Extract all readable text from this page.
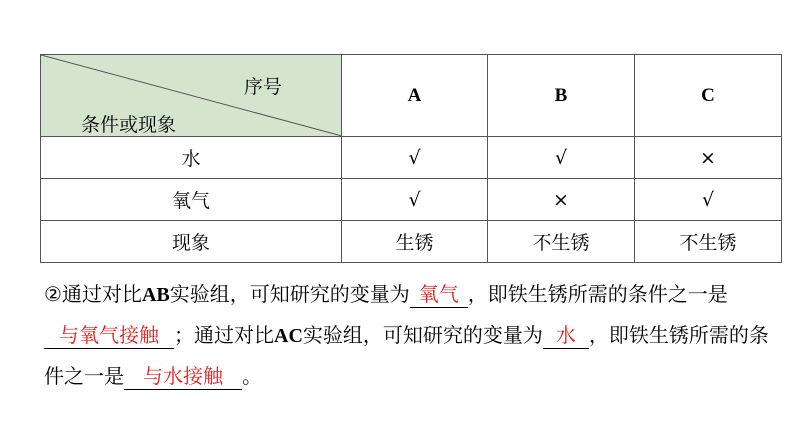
序号
条件或现象	A	B	C
水	√	√	×
氧气	√	×	√
现象	生锈	不生锈	不生锈
②通过对比AB实验组，可知研究的变量为 氧气 ，即铁生锈所需的条件之一是与氧气接触 ；通过对比AC实验组，可知研究的变量为 水 ，即铁生锈所需的条件之一是 与水接触 。
